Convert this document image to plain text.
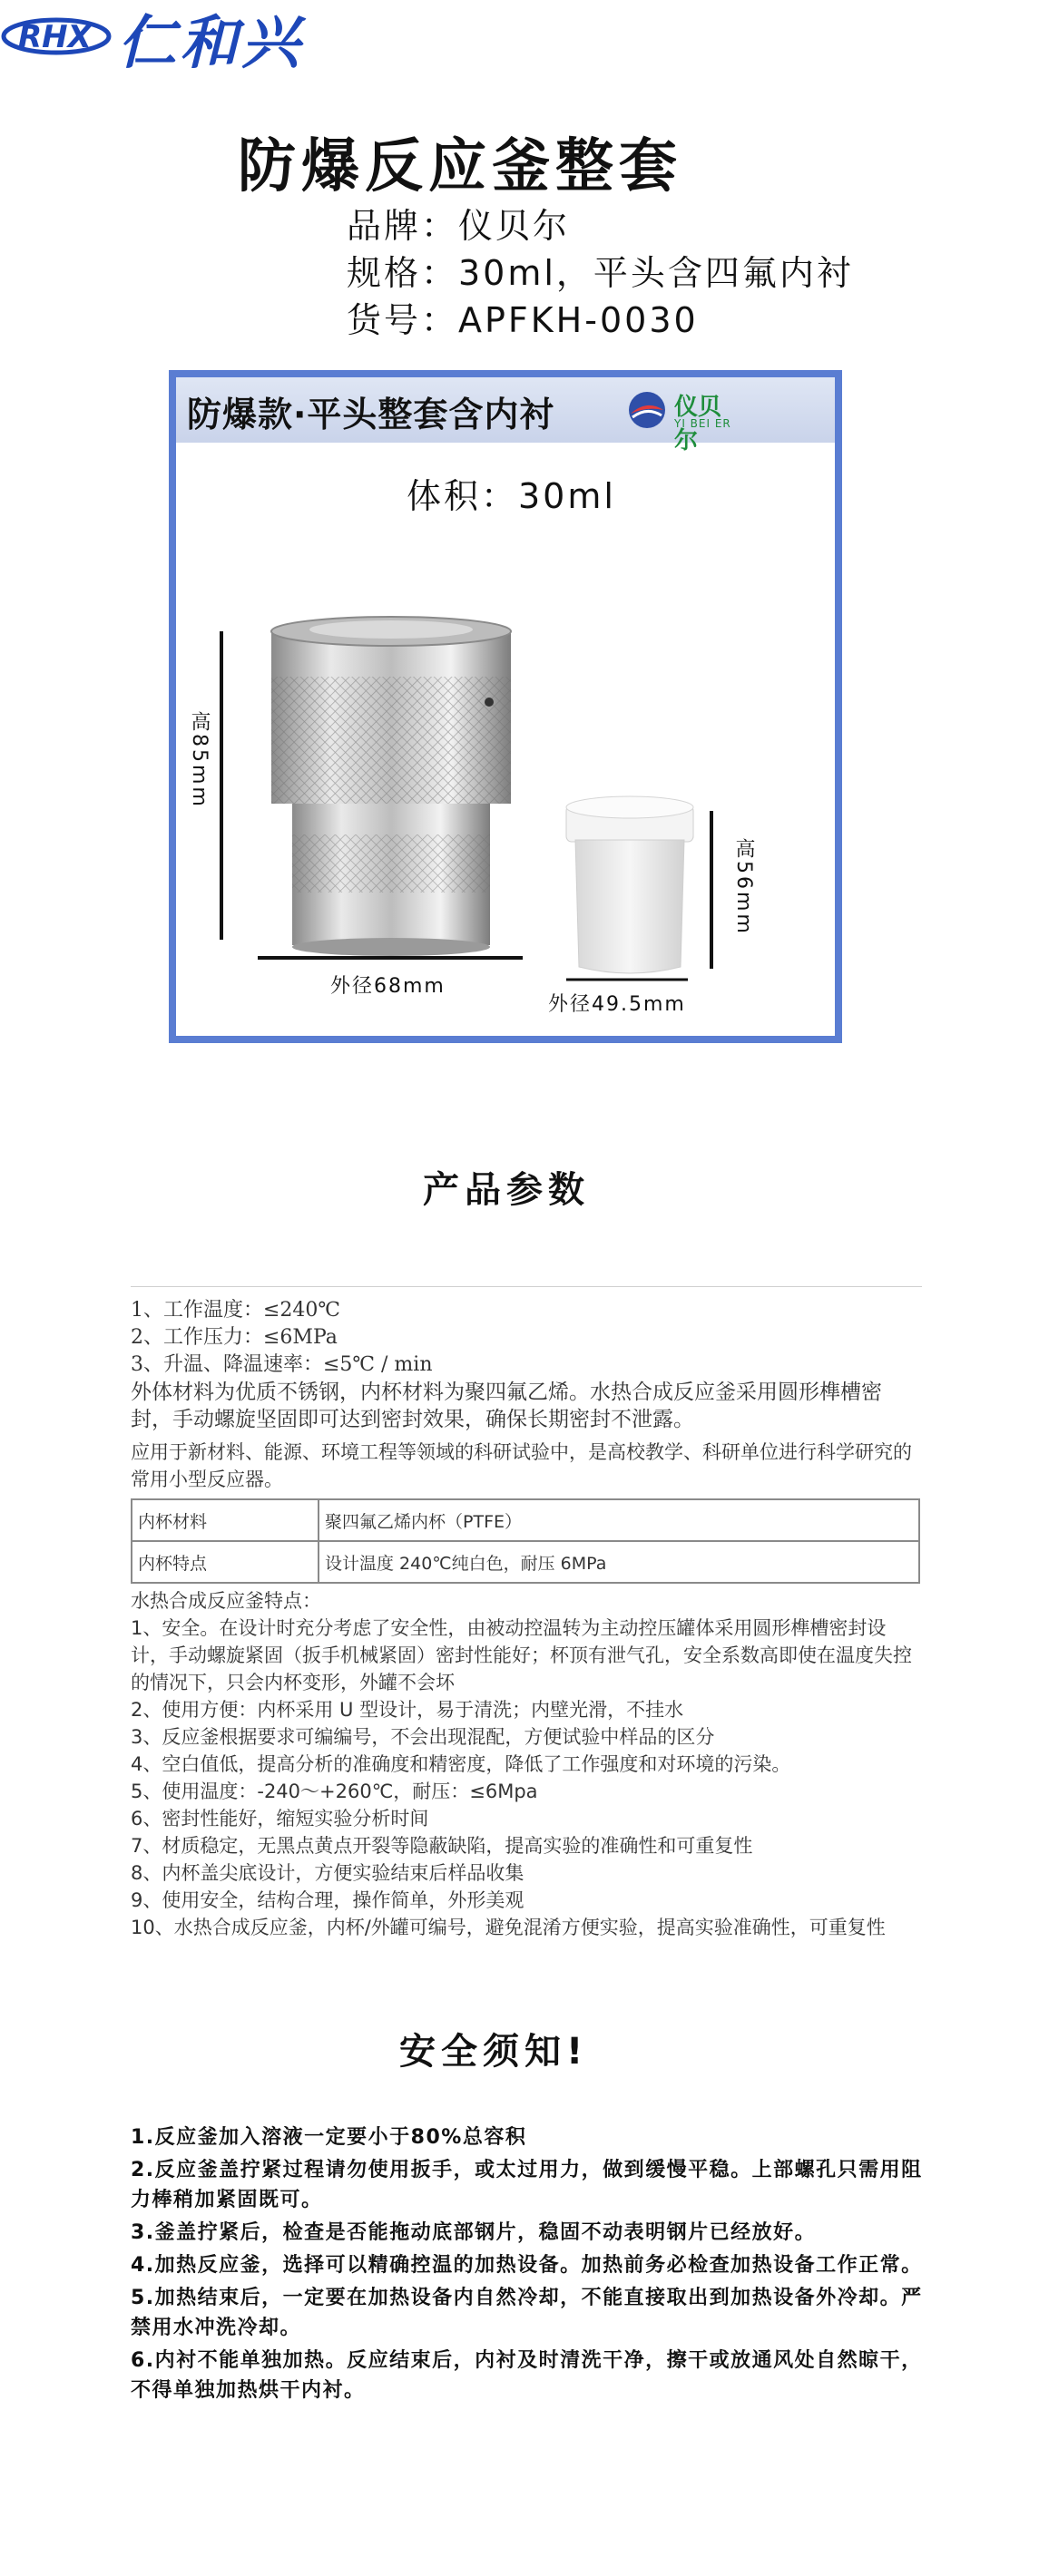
RHX 仁和兴
防爆反应釜整套
品牌：仪贝尔
规格：30ml，平头含四氟内衬
货号：APFKH-0030
防爆款·平头整套含内衬	仪贝尔
YI BEI ER
体积：30ml
高85mm
高56mm
外径68mm
外径49.5mm
产品参数

1、工作温度：≤240℃

2、工作压力：≤6MPa

3、升温、降温速率：≤5℃ / min

外体材料为优质不锈钢，内杯材料为聚四氟乙烯。水热合成反应釜采用圆形榫槽密封，手动螺旋坚固即可达到密封效果，确保长期密封不泄露。

应用于新材料、能源、环境工程等领域的科研试验中，是高校教学、科研单位进行科学研究的常用小型反应器。

内杯材料	聚四氟乙烯内杯（PTFE）
内杯特点	设计温度 240℃纯白色，耐压 6MPa

水热合成反应釜特点：

1、安全。在设计时充分考虑了安全性，由被动控温转为主动控压罐体采用圆形榫槽密封设计，手动螺旋紧固（扳手机械紧固）密封性能好；杯顶有泄气孔，安全系数高即使在温度失控的情况下，只会内杯变形，外罐不会坏

2、使用方便：内杯采用 U 型设计，易于清洗；内壁光滑，不挂水

3、反应釜根据要求可编编号，不会出现混配，方便试验中样品的区分

4、空白值低，提高分析的准确度和精密度，降低了工作强度和对环境的污染。

5、使用温度：-240～+260℃，耐压：≤6Mpa

6、密封性能好，缩短实验分析时间

7、材质稳定，无黑点黄点开裂等隐蔽缺陷，提高实验的准确性和可重复性

8、内杯盖尖底设计，方便实验结束后样品收集

9、使用安全，结构合理，操作简单，外形美观

10、水热合成反应釜，内杯/外罐可编号，避免混淆方便实验，提高实验准确性，可重复性

安全须知!

1.反应釜加入溶液一定要小于80%总容积

2.反应釜盖拧紧过程请勿使用扳手，或太过用力，做到缓慢平稳。上部螺孔只需用阻力棒稍加紧固既可。

3.釜盖拧紧后，检查是否能拖动底部钢片，稳固不动表明钢片已经放好。

4.加热反应釜，选择可以精确控温的加热设备。加热前务必检查加热设备工作正常。

5.加热结束后，一定要在加热设备内自然冷却，不能直接取出到加热设备外冷却。严禁用水冲洗冷却。

6.内衬不能单独加热。反应结束后，内衬及时清洗干净，擦干或放通风处自然晾干，不得单独加热烘干内衬。
